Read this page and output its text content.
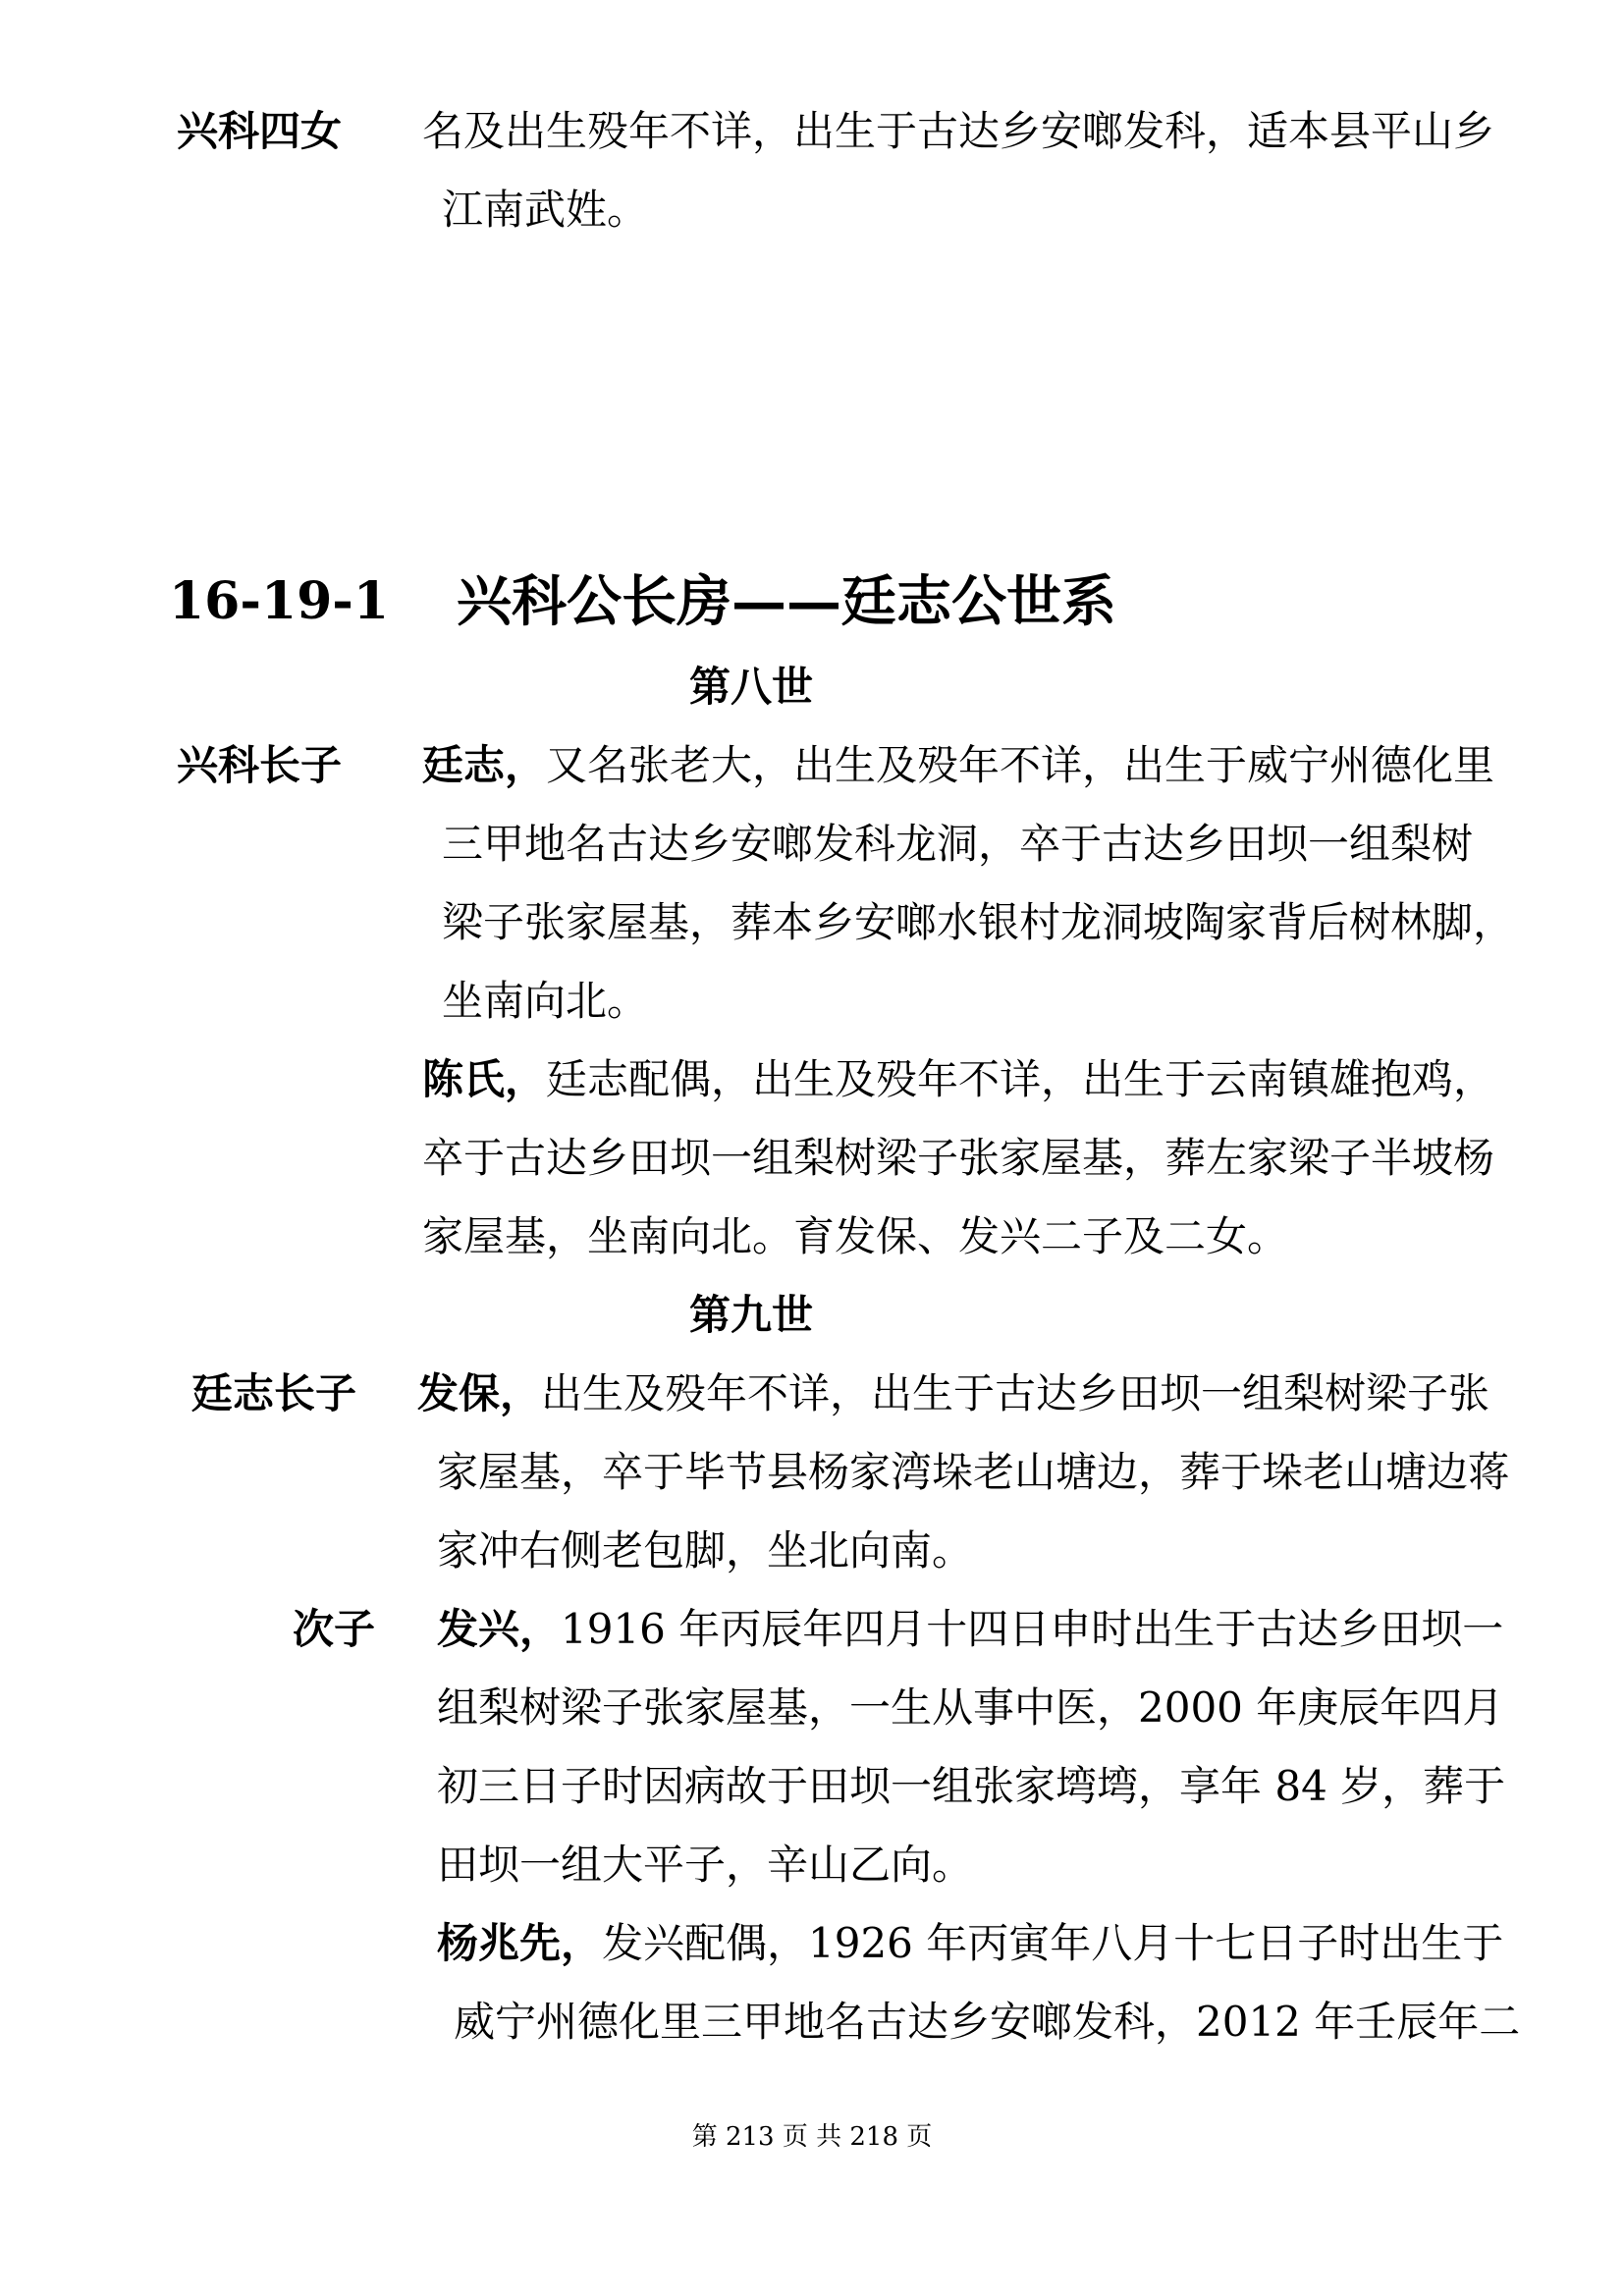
兴科四女 名及出生殁年不详，出生于古达乡安啷发科，适本县平山乡
江南武姓。
16-19-1 兴科公长房——廷志公世系
第八世
兴科长子 廷志，又名张老大，出生及殁年不详，出生于威宁州德化里
三甲地名古达乡安啷发科龙洞，卒于古达乡田坝一组梨树
梁子张家屋基，葬本乡安啷水银村龙洞坡陶家背后树林脚，
坐南向北。
陈氏，廷志配偶，出生及殁年不详，出生于云南镇雄抱鸡，
卒于古达乡田坝一组梨树梁子张家屋基，葬左家梁子半坡杨
家屋基，坐南向北。育发保、发兴二子及二女。
第九世
廷志长子 发保，出生及殁年不详，出生于古达乡田坝一组梨树梁子张
家屋基，卒于毕节县杨家湾垛老山塘边，葬于垛老山塘边蒋
家冲右侧老包脚，坐北向南。
次子 发兴，1916 年丙辰年四月十四日申时出生于古达乡田坝一
组梨树梁子张家屋基，一生从事中医，2000 年庚辰年四月
初三日子时因病故于田坝一组张家塆塆，享年 84 岁，葬于
田坝一组大平子，辛山乙向。
杨兆先，发兴配偶，1926 年丙寅年八月十七日子时出生于
威宁州德化里三甲地名古达乡安啷发科，2012 年壬辰年二
第 213 页 共 218 页
